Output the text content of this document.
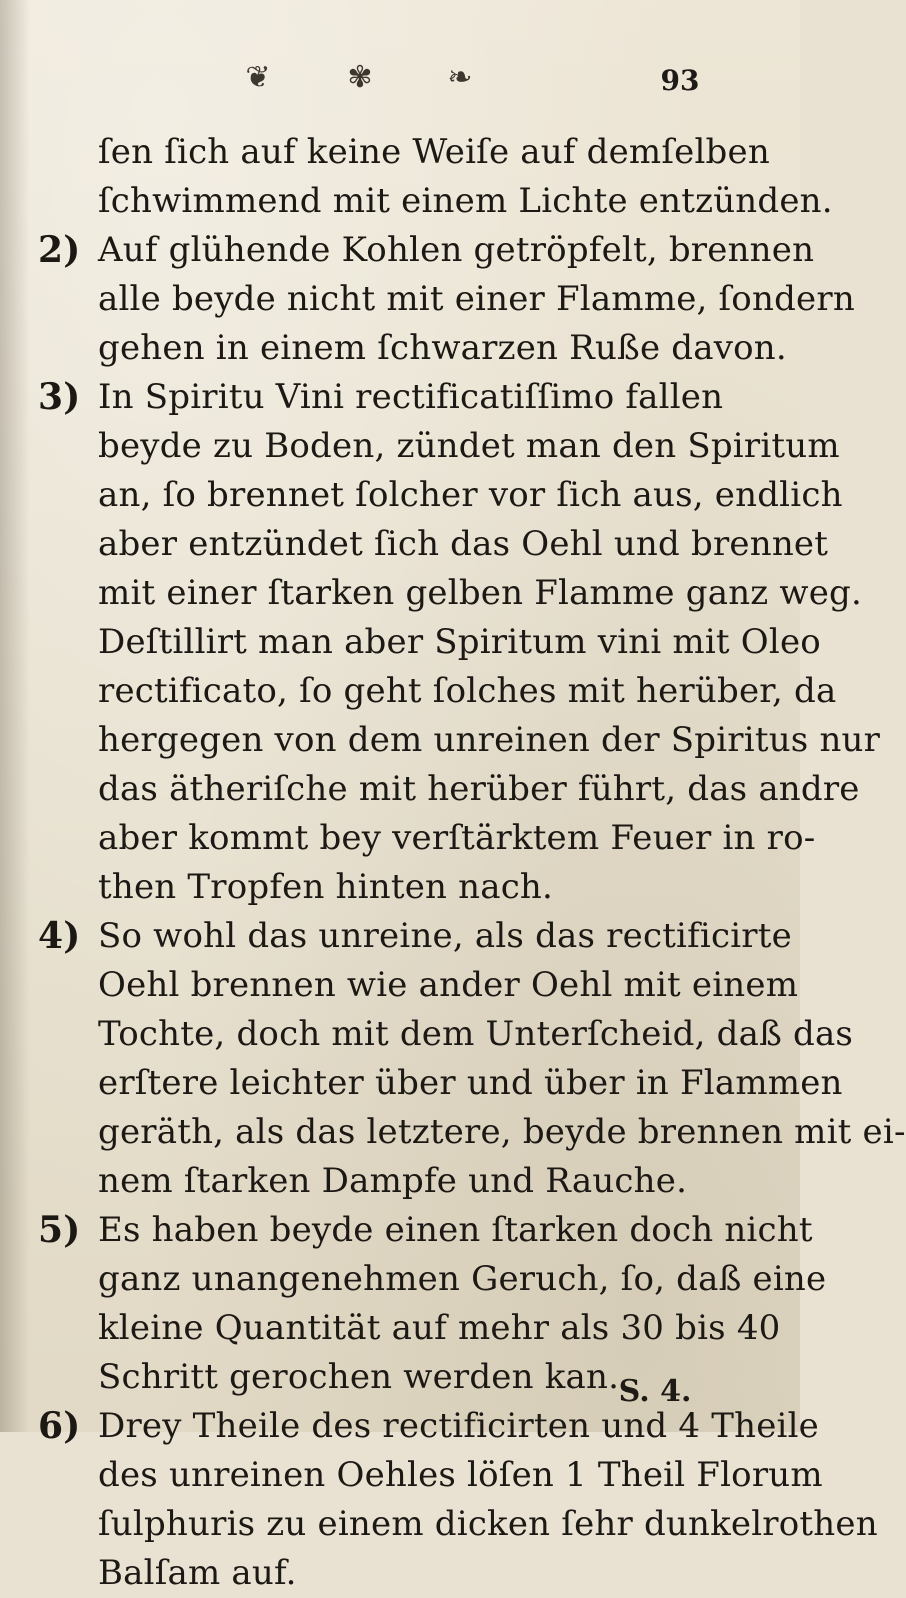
❦	✾	❧	93
ſen ſich auf keine Weiſe auf demſelben
ſchwimmend mit einem Lichte entzünden.
2) Auf glühende Kohlen getröpfelt, brennen
alle beyde nicht mit einer Flamme, ſondern
gehen in einem ſchwarzen Ruße davon.
3) In Spiritu Vini rectificatiſſimo fallen
beyde zu Boden, zündet man den Spiritum
an, ſo brennet ſolcher vor ſich aus, endlich
aber entzündet ſich das Oehl und brennet
mit einer ſtarken gelben Flamme ganz weg.
Deſtillirt man aber Spiritum vini mit Oleo
rectificato, ſo geht ſolches mit herüber, da
hergegen von dem unreinen der Spiritus nur
das ätheriſche mit herüber führt, das andre
aber kommt bey verſtärktem Feuer in ro-
then Tropfen hinten nach.
4) So wohl das unreine, als das rectificirte
Oehl brennen wie ander Oehl mit einem
Tochte, doch mit dem Unterſcheid, daß das
erſtere leichter über und über in Flammen
geräth, als das letztere, beyde brennen mit ei-
nem ſtarken Dampfe und Rauche.
5) Es haben beyde einen ſtarken doch nicht
ganz unangenehmen Geruch, ſo, daß eine
kleine Quantität auf mehr als 30 bis 40
Schritt gerochen werden kan.
6) Drey Theile des rectificirten und 4 Theile
des unreinen Oehles löſen 1 Theil Florum
ſulphuris zu einem dicken ſehr dunkelrothen
Balſam auf.
S. 4.
